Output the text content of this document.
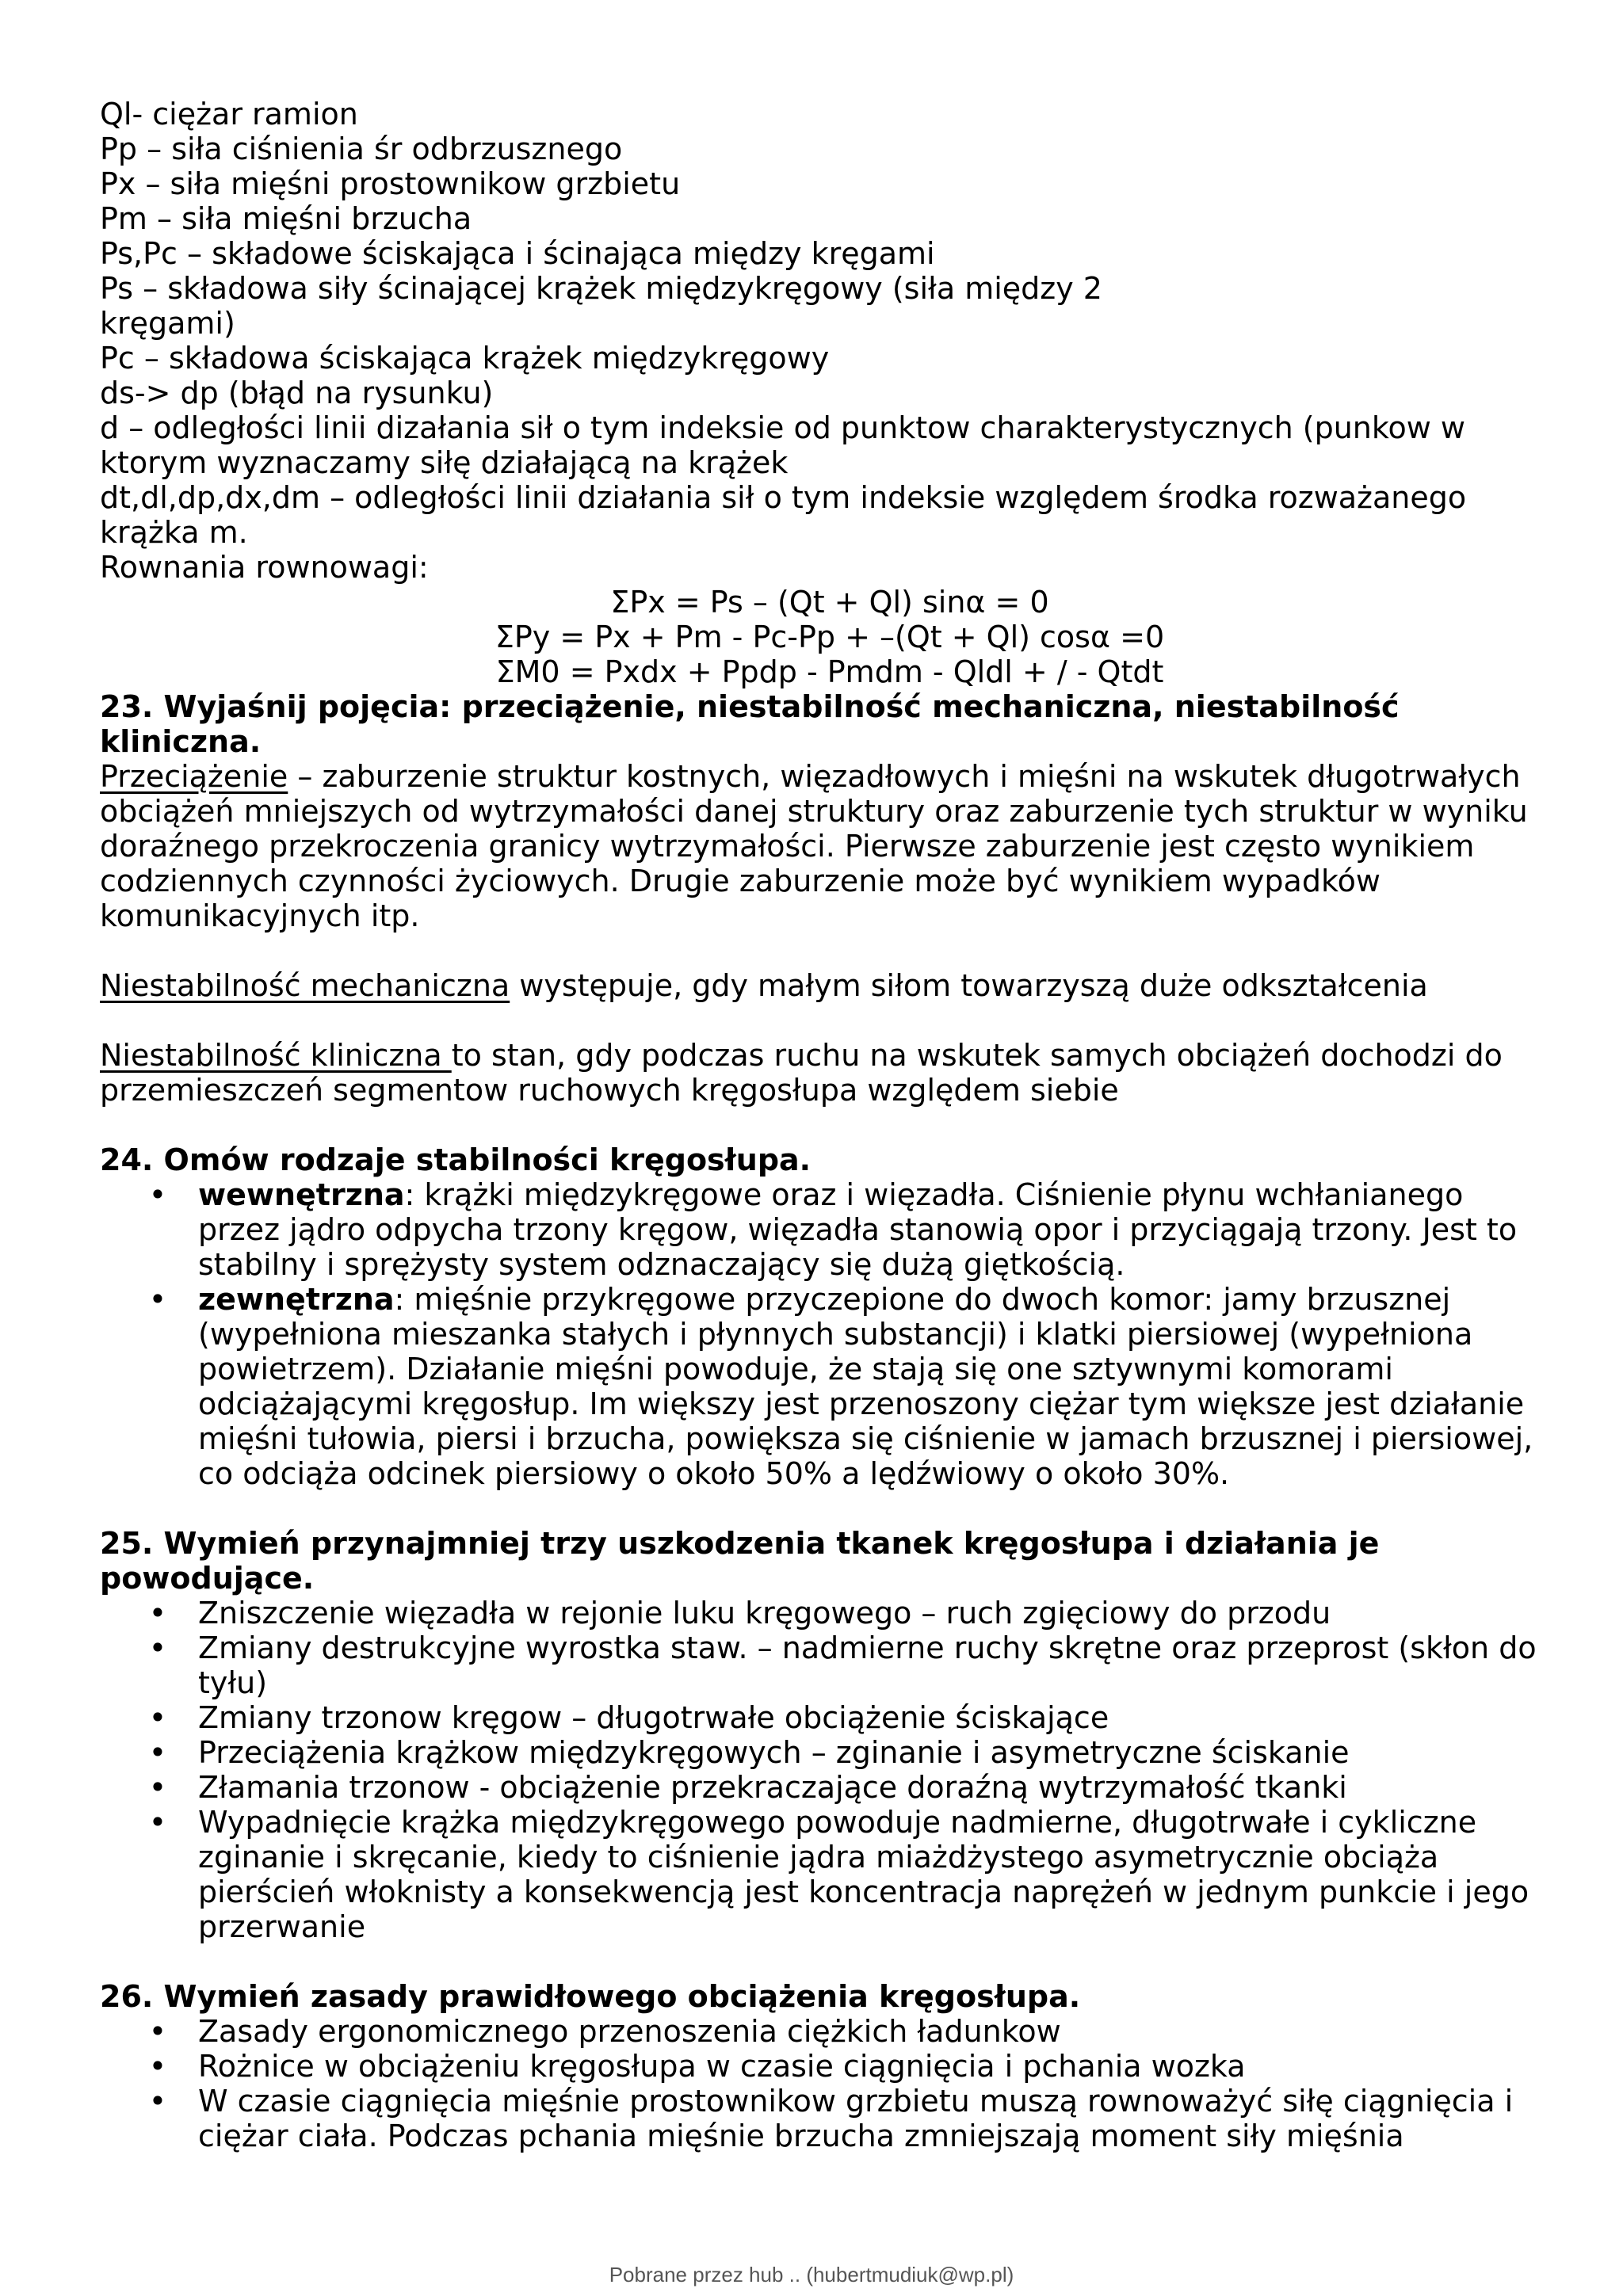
Ql- ciężar ramion
Pp – siła ciśnienia śr odbrzusznego
Px – siła mięśni prostownikow grzbietu
Pm – siła mięśni brzucha
Ps,Pc – składowe ściskająca i ścinająca między kręgami
Ps – składowa siły ścinającej krążek międzykręgowy (siła między 2
kręgami)
Pc – składowa ściskająca krążek międzykręgowy
ds-> dp (błąd na rysunku)
d – odległości linii dizałania sił o tym indeksie od punktow charakterystycznych (punkow w
ktorym wyznaczamy siłę działającą na krążek
dt,dl,dp,dx,dm – odległości linii działania sił o tym indeksie względem środka rozważanego
krążka m.
Rownania rownowagi:
ΣPx = Ps – (Qt + Ql) sinα = 0
ΣPy = Px + Pm - Pc-Pp + –(Qt + Ql) cosα =0
ΣM0 = Pxdx + Ppdp - Pmdm - Qldl + / - Qtdt
23. Wyjaśnij pojęcia: przeciążenie, niestabilność mechaniczna, niestabilność kliniczna.
Przeciążenie – zaburzenie struktur kostnych, więzadłowych i mięśni na wskutek długotrwałych obciążeń mniejszych od wytrzymałości danej struktury oraz zaburzenie tych struktur w wyniku doraźnego przekroczenia granicy wytrzymałości. Pierwsze zaburzenie jest często wynikiem codziennych czynności życiowych. Drugie zaburzenie może być wynikiem wypadków komunikacyjnych itp.
Niestabilność mechaniczna występuje, gdy małym siłom towarzyszą duże odkształcenia
Niestabilność kliniczna to stan, gdy podczas ruchu na wskutek samych obciążeń dochodzi do przemieszczeń segmentow ruchowych kręgosłupa względem siebie
24. Omów rodzaje stabilności kręgosłupa.
• wewnętrzna: krążki międzykręgowe oraz i więzadła. Ciśnienie płynu wchłanianego przez jądro odpycha trzony kręgow, więzadła stanowią opor i przyciągają trzony. Jest to stabilny i sprężysty system odznaczający się dużą giętkością.
• zewnętrzna: mięśnie przykręgowe przyczepione do dwoch komor: jamy brzusznej (wypełniona mieszanka stałych i płynnych substancji) i klatki piersiowej (wypełniona powietrzem). Działanie mięśni powoduje, że stają się one sztywnymi komorami odciążającymi kręgosłup. Im większy jest przenoszony ciężar tym większe jest działanie mięśni tułowia, piersi i brzucha, powiększa się ciśnienie w jamach brzusznej i piersiowej, co odciąża odcinek piersiowy o około 50% a lędźwiowy o około 30%.
25. Wymień przynajmniej trzy uszkodzenia tkanek kręgosłupa i działania je powodujące.
• Zniszczenie więzadła w rejonie luku kręgowego – ruch zgięciowy do przodu
• Zmiany destrukcyjne wyrostka staw. – nadmierne ruchy skrętne oraz przeprost (skłon do tyłu)
• Zmiany trzonow kręgow – długotrwałe obciążenie ściskające
• Przeciążenia krążkow międzykręgowych – zginanie i asymetryczne ściskanie
• Złamania trzonow - obciążenie przekraczające doraźną wytrzymałość tkanki
• Wypadnięcie krążka międzykręgowego powoduje nadmierne, długotrwałe i cykliczne zginanie i skręcanie, kiedy to ciśnienie jądra miażdżystego asymetrycznie obciąża pierścień włoknisty a konsekwencją jest koncentracja naprężeń w jednym punkcie i jego przerwanie
26. Wymień zasady prawidłowego obciążenia kręgosłupa.
• Zasady ergonomicznego przenoszenia ciężkich ładunkow
• Rożnice w obciążeniu kręgosłupa w czasie ciągnięcia i pchania wozka
• W czasie ciągnięcia mięśnie prostownikow grzbietu muszą rownoważyć siłę ciągnięcia i ciężar ciała. Podczas pchania mięśnie brzucha zmniejszają moment siły mięśnia
Pobrane przez hub .. (hubertmudiuk@wp.pl)
